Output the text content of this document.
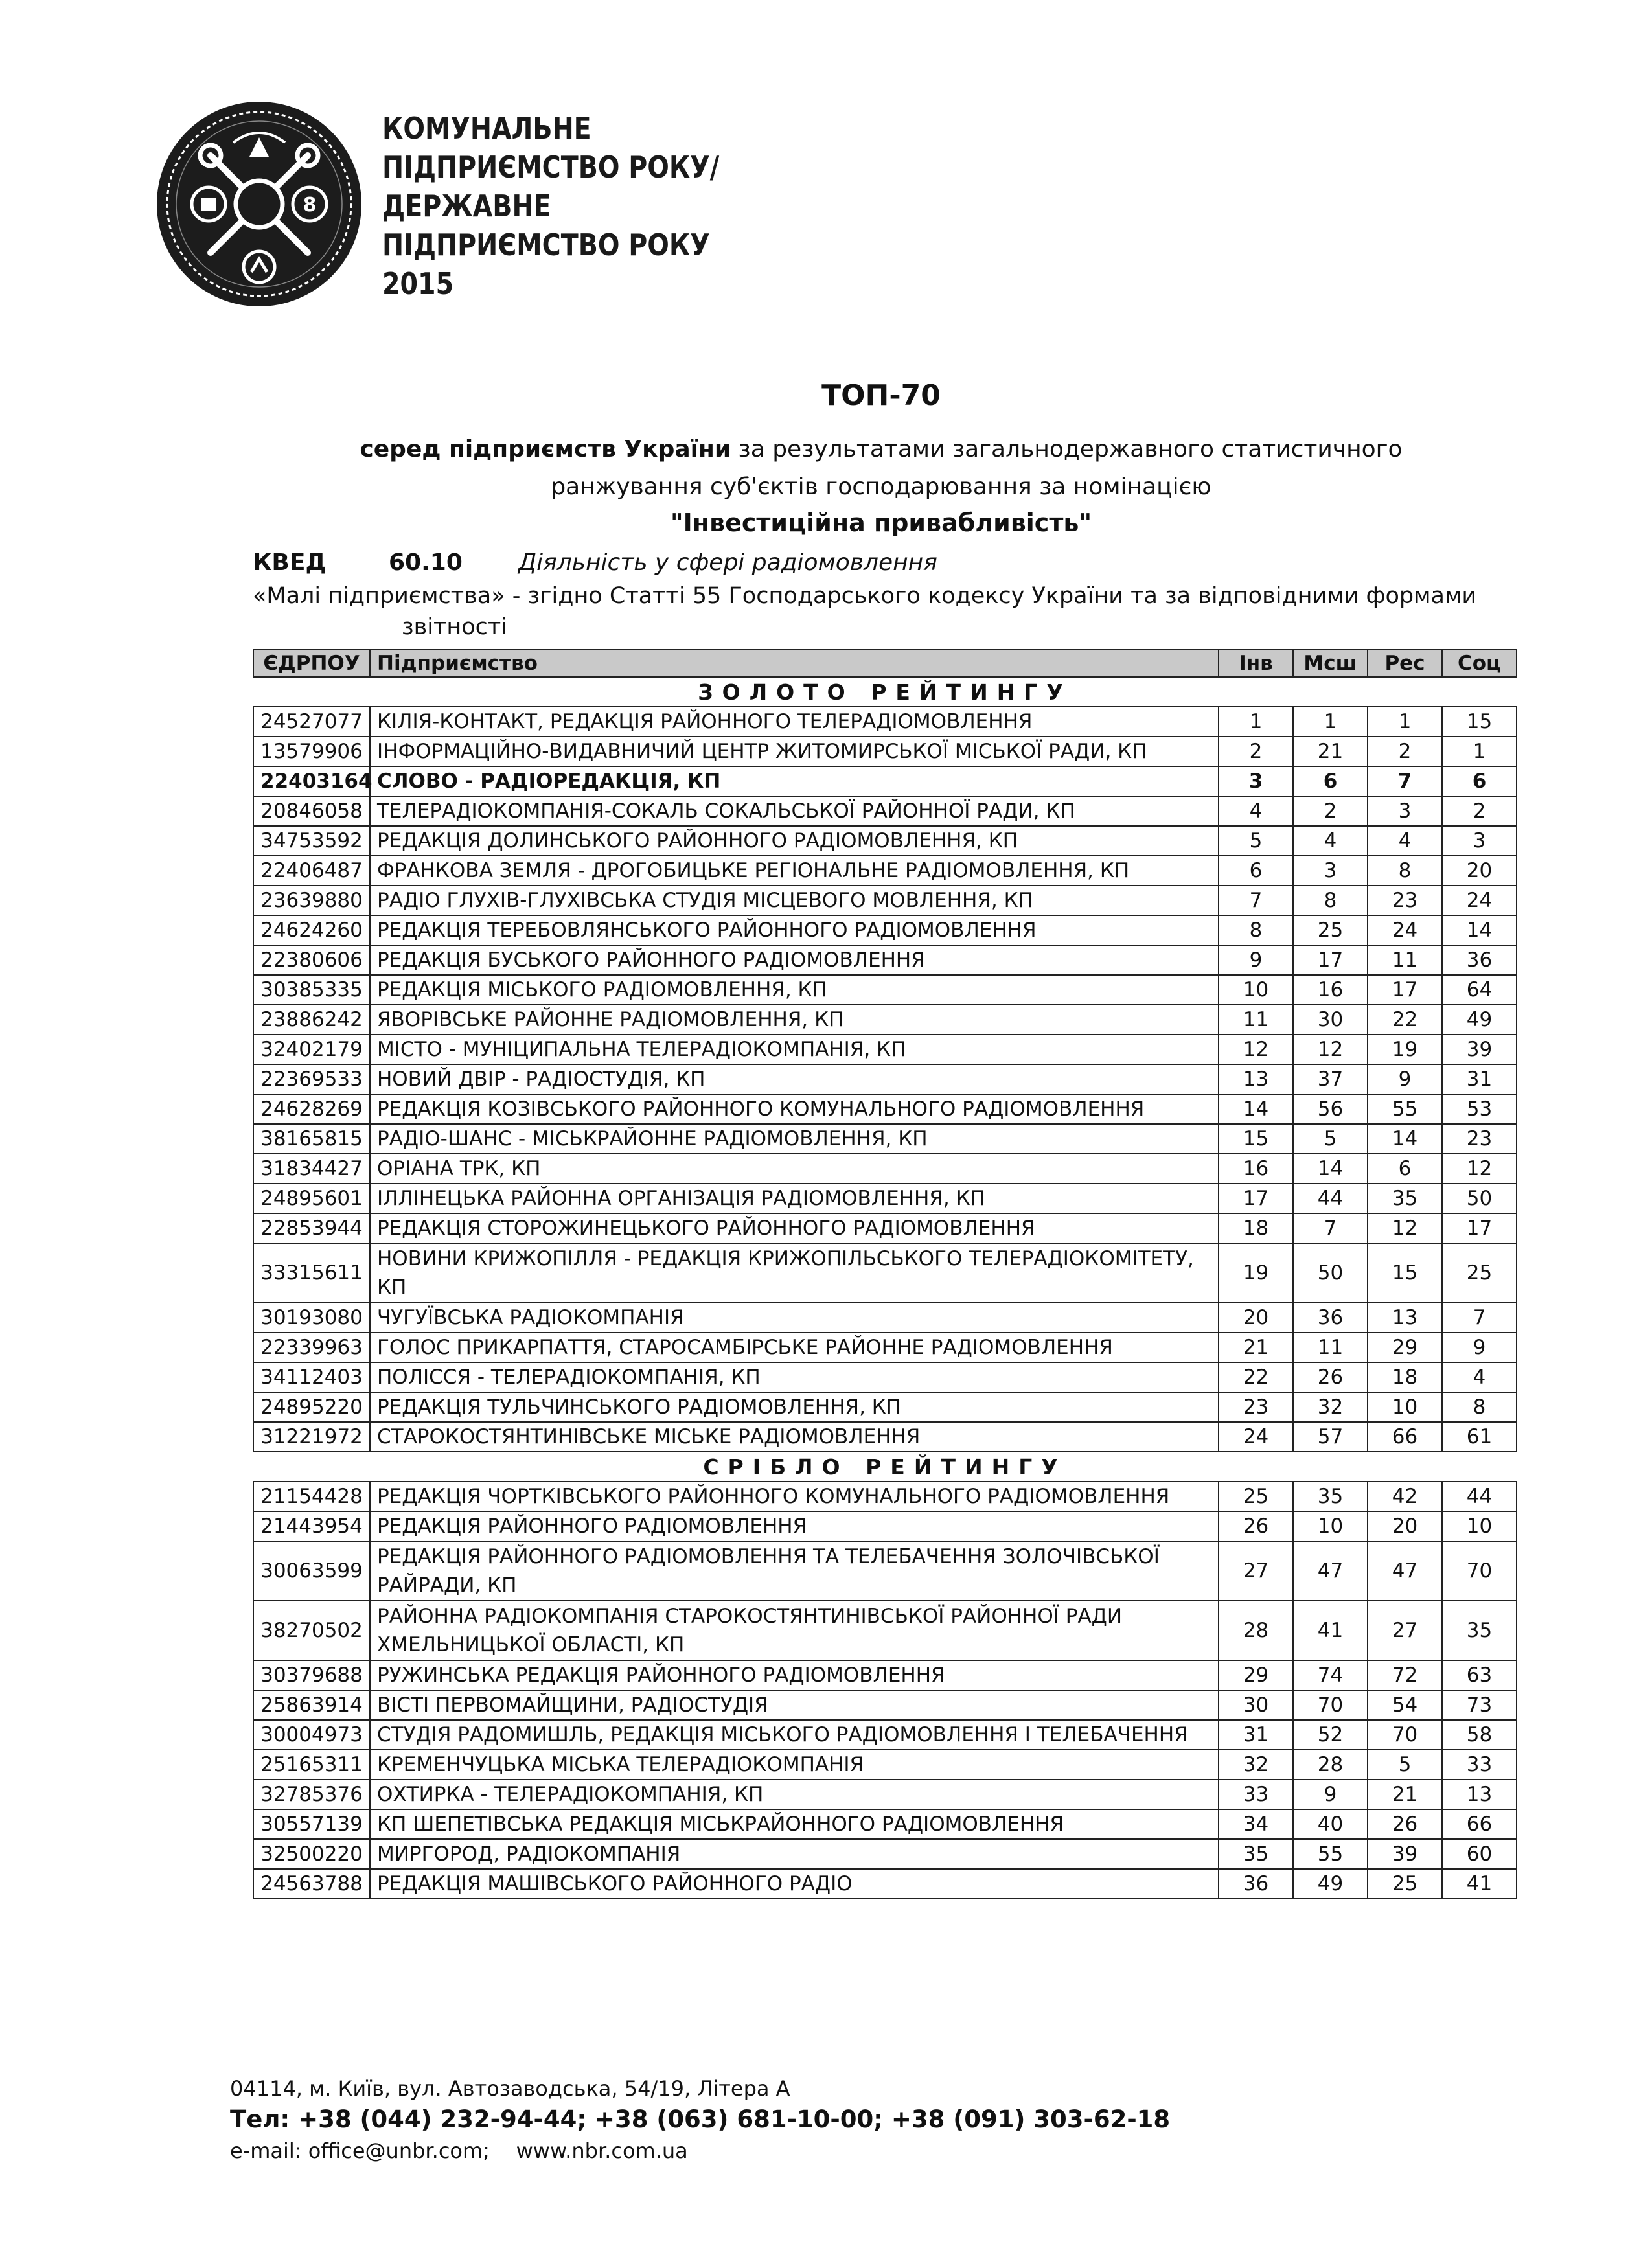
8
КОМУНАЛЬНЕ
ПІДПРИЄМСТВО РОКУ/
ДЕРЖАВНЕ
ПІДПРИЄМСТВО РОКУ
2015
ТОП-70
серед підприємств України за результатами загальнодержавного статистичного
ранжування суб'єктів господарювання за номінацією
"Інвестиційна привабливість"
КВЕД	60.10 Діяльність у сфері радіомовлення
«Малі підприємства» - згідно Статті 55 Господарського кодексу України та за відповідними формами
звітності
ЄДРПОУ	Підприємство	Інв	Мсш	Рес	Соц
ЗОЛОТО РЕЙТИНГУ					
24527077	КІЛІЯ-КОНТАКТ, РЕДАКЦІЯ РАЙОННОГО ТЕЛЕРАДІОМОВЛЕННЯ	1	1	1	15
13579906	ІНФОРМАЦІЙНО-ВИДАВНИЧИЙ ЦЕНТР ЖИТОМИРСЬКОЇ МІСЬКОЇ РАДИ, КП	2	21	2	1
22403164	СЛОВО - РАДІОРЕДАКЦІЯ, КП	3	6	7	6
20846058	ТЕЛЕРАДІОКОМПАНІЯ-СОКАЛЬ СОКАЛЬСЬКОЇ РАЙОННОЇ РАДИ, КП	4	2	3	2
34753592	РЕДАКЦІЯ ДОЛИНСЬКОГО РАЙОННОГО РАДІОМОВЛЕННЯ, КП	5	4	4	3
22406487	ФРАНКОВА ЗЕМЛЯ - ДРОГОБИЦЬКЕ РЕГІОНАЛЬНЕ РАДІОМОВЛЕННЯ, КП	6	3	8	20
23639880	РАДІО ГЛУХІВ-ГЛУХІВСЬКА СТУДІЯ МІСЦЕВОГО МОВЛЕННЯ, КП	7	8	23	24
24624260	РЕДАКЦІЯ ТЕРЕБОВЛЯНСЬКОГО РАЙОННОГО РАДІОМОВЛЕННЯ	8	25	24	14
22380606	РЕДАКЦІЯ БУСЬКОГО РАЙОННОГО РАДІОМОВЛЕННЯ	9	17	11	36
30385335	РЕДАКЦІЯ МІСЬКОГО РАДІОМОВЛЕННЯ, КП	10	16	17	64
23886242	ЯВОРІВСЬКЕ РАЙОННЕ РАДІОМОВЛЕННЯ, КП	11	30	22	49
32402179	МІСТО - МУНІЦИПАЛЬНА ТЕЛЕРАДІОКОМПАНІЯ, КП	12	12	19	39
22369533	НОВИЙ ДВІР - РАДІОСТУДІЯ, КП	13	37	9	31
24628269	РЕДАКЦІЯ КОЗІВСЬКОГО РАЙОННОГО КОМУНАЛЬНОГО РАДІОМОВЛЕННЯ	14	56	55	53
38165815	РАДІО-ШАНС - МІСЬКРАЙОННЕ РАДІОМОВЛЕННЯ, КП	15	5	14	23
31834427	ОРІАНА ТРК, КП	16	14	6	12
24895601	ІЛЛІНЕЦЬКА РАЙОННА ОРГАНІЗАЦІЯ РАДІОМОВЛЕННЯ, КП	17	44	35	50
22853944	РЕДАКЦІЯ СТОРОЖИНЕЦЬКОГО РАЙОННОГО РАДІОМОВЛЕННЯ	18	7	12	17
33315611	НОВИНИ КРИЖОПІЛЛЯ - РЕДАКЦІЯ КРИЖОПІЛЬСЬКОГО ТЕЛЕРАДІОКОМІТЕТУ, КП	19	50	15	25
30193080	ЧУГУЇВСЬКА РАДІОКОМПАНІЯ	20	36	13	7
22339963	ГОЛОС ПРИКАРПАТТЯ, СТАРОСАМБІРСЬКЕ РАЙОННЕ РАДІОМОВЛЕННЯ	21	11	29	9
34112403	ПОЛІССЯ - ТЕЛЕРАДІОКОМПАНІЯ, КП	22	26	18	4
24895220	РЕДАКЦІЯ ТУЛЬЧИНСЬКОГО РАДІОМОВЛЕННЯ, КП	23	32	10	8
31221972	СТАРОКОСТЯНТИНІВСЬКЕ МІСЬКЕ РАДІОМОВЛЕННЯ	24	57	66	61
СРІБЛО РЕЙТИНГУ					
21154428	РЕДАКЦІЯ ЧОРТКІВСЬКОГО РАЙОННОГО КОМУНАЛЬНОГО РАДІОМОВЛЕННЯ	25	35	42	44
21443954	РЕДАКЦІЯ РАЙОННОГО РАДІОМОВЛЕННЯ	26	10	20	10
30063599	РЕДАКЦІЯ РАЙОННОГО РАДІОМОВЛЕННЯ ТА ТЕЛЕБАЧЕННЯ ЗОЛОЧІВСЬКОЇ РАЙРАДИ, КП	27	47	47	70
38270502	РАЙОННА РАДІОКОМПАНІЯ СТАРОКОСТЯНТИНІВСЬКОЇ РАЙОННОЇ РАДИ ХМЕЛЬНИЦЬКОЇ ОБЛАСТІ, КП	28	41	27	35
30379688	РУЖИНСЬКА РЕДАКЦІЯ РАЙОННОГО РАДІОМОВЛЕННЯ	29	74	72	63
25863914	ВІСТІ ПЕРВОМАЙЩИНИ, РАДІОСТУДІЯ	30	70	54	73
30004973	СТУДІЯ РАДОМИШЛЬ, РЕДАКЦІЯ МІСЬКОГО РАДІОМОВЛЕННЯ І ТЕЛЕБАЧЕННЯ	31	52	70	58
25165311	КРЕМЕНЧУЦЬКА МІСЬКА ТЕЛЕРАДІОКОМПАНІЯ	32	28	5	33
32785376	ОХТИРКА - ТЕЛЕРАДІОКОМПАНІЯ, КП	33	9	21	13
30557139	КП ШЕПЕТІВСЬКА РЕДАКЦІЯ МІСЬКРАЙОННОГО РАДІОМОВЛЕННЯ	34	40	26	66
32500220	МИРГОРОД, РАДІОКОМПАНІЯ	35	55	39	60
24563788	РЕДАКЦІЯ МАШІВСЬКОГО РАЙОННОГО РАДІО	36	49	25	41
04114, м. Київ, вул. Автозаводська, 54/19, Літера А
Тел: +38 (044) 232-94-44; +38 (063) 681-10-00; +38 (091) 303-62-18
e-mail: office@unbr.com; www.nbr.com.ua
